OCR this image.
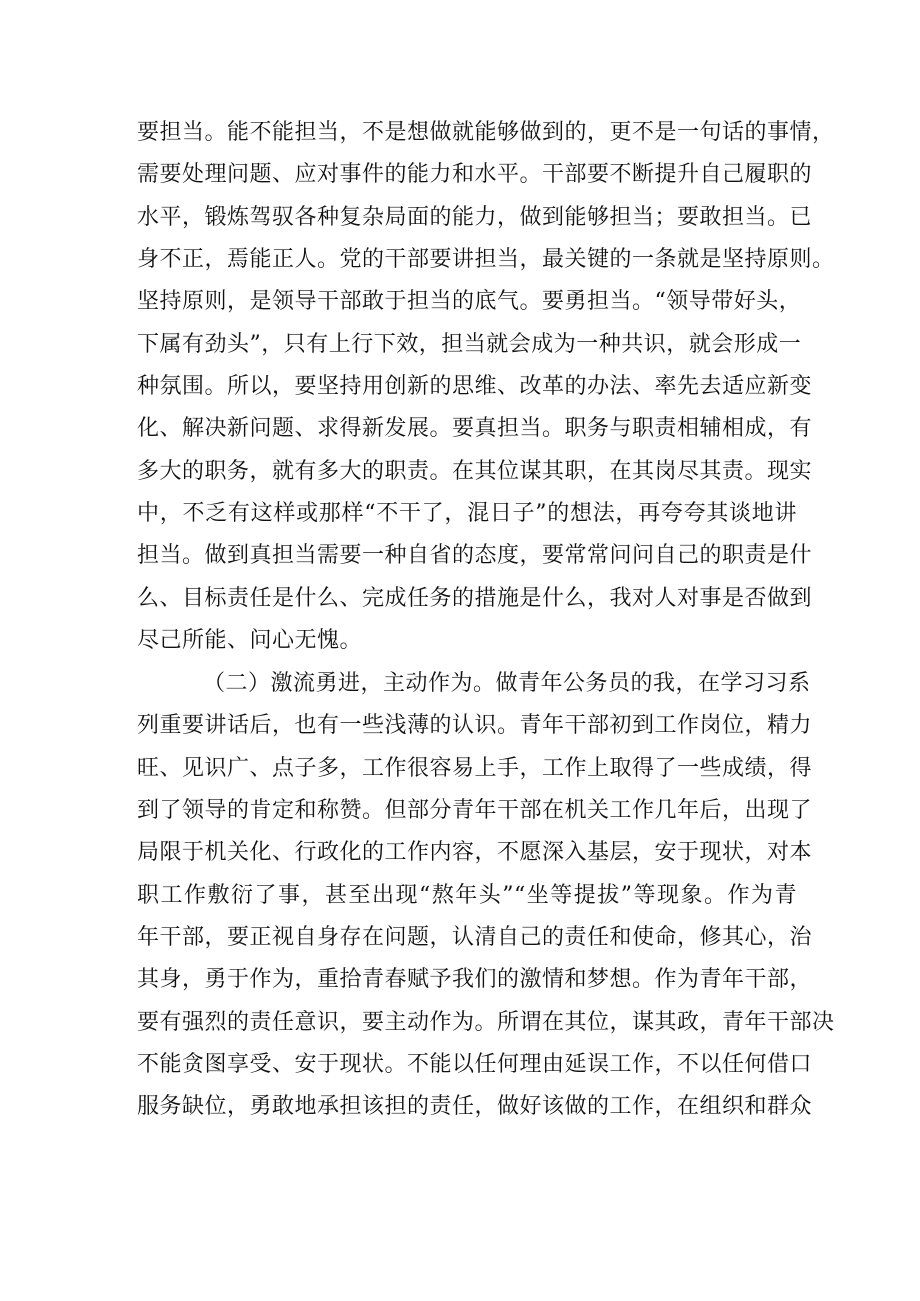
要担当。能不能担当，不是想做就能够做到的，更不是一句话的事情，
需要处理问题、应对事件的能力和水平。干部要不断提升自己履职的
水平，锻炼驾驭各种复杂局面的能力，做到能够担当；要敢担当。已
身不正，焉能正人。党的干部要讲担当，最关键的一条就是坚持原则。
坚持原则，是领导干部敢于担当的底气。要勇担当。“领导带好头，
下属有劲头”，只有上行下效，担当就会成为一种共识，就会形成一
种氛围。所以，要坚持用创新的思维、改革的办法、率先去适应新变
化、解决新问题、求得新发展。要真担当。职务与职责相辅相成，有
多大的职务，就有多大的职责。在其位谋其职，在其岗尽其责。现实
中，不乏有这样或那样“不干了，混日子”的想法，再夸夸其谈地讲
担当。做到真担当需要一种自省的态度，要常常问问自己的职责是什
么、目标责任是什么、完成任务的措施是什么，我对人对事是否做到
尽己所能、问心无愧。
（二）激流勇进，主动作为。做青年公务员的我，在学习习系
列重要讲话后，也有一些浅薄的认识。青年干部初到工作岗位，精力
旺、见识广、点子多，工作很容易上手，工作上取得了一些成绩，得
到了领导的肯定和称赞。但部分青年干部在机关工作几年后，出现了
局限于机关化、行政化的工作内容，不愿深入基层，安于现状，对本
职工作敷衍了事，甚至出现“熬年头”“坐等提拔”等现象。作为青
年干部，要正视自身存在问题，认清自己的责任和使命，修其心，治
其身，勇于作为，重拾青春赋予我们的激情和梦想。作为青年干部，
要有强烈的责任意识，要主动作为。所谓在其位，谋其政，青年干部决
不能贪图享受、安于现状。不能以任何理由延误工作，不以任何借口
服务缺位，勇敢地承担该担的责任，做好该做的工作，在组织和群众
